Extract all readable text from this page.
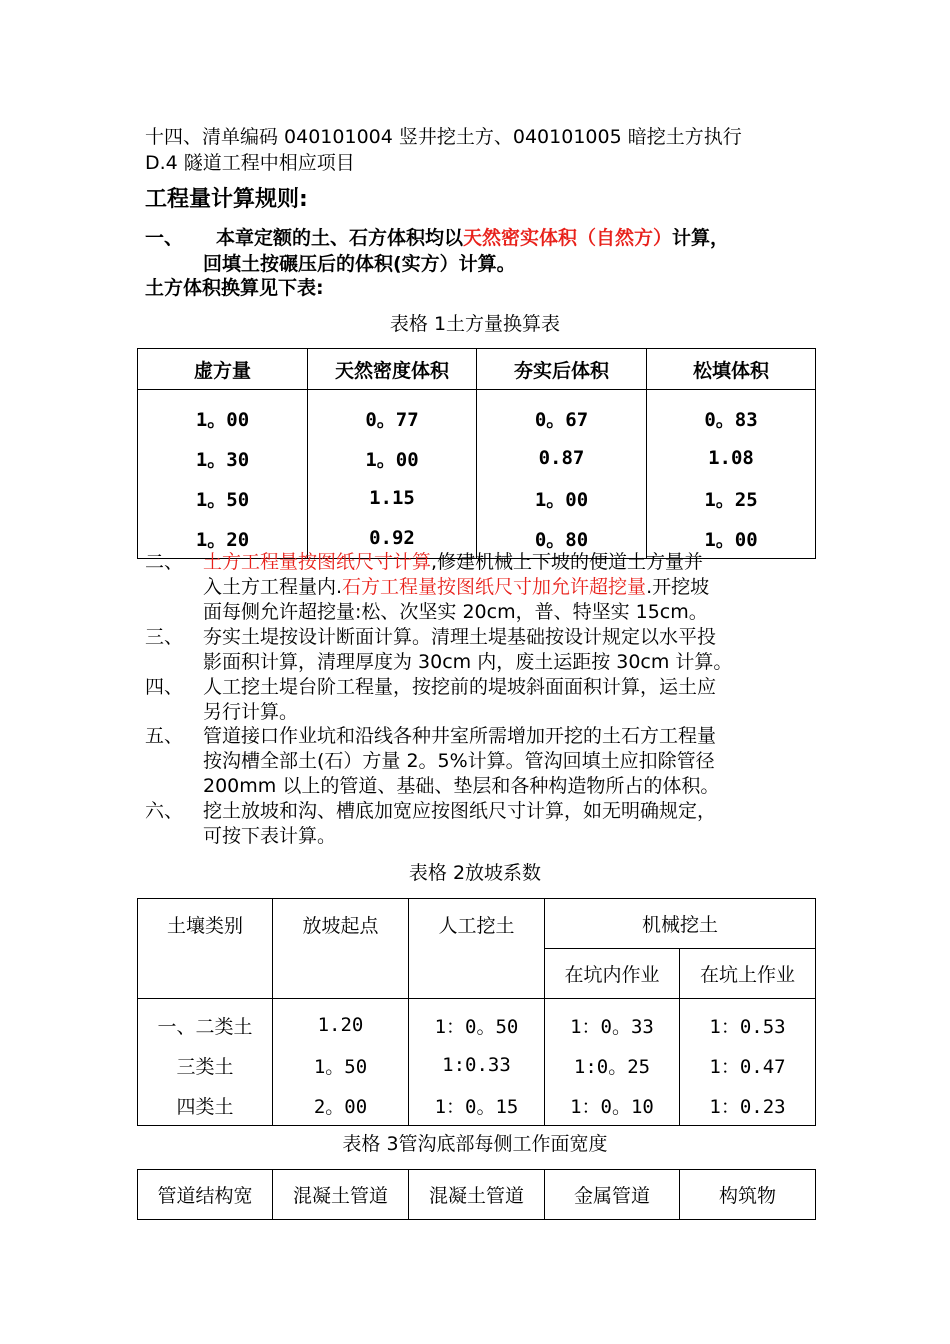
十四、清单编码 040101004 竖井挖土方、040101005 暗挖土方执行
D.4 隧道工程中相应项目

工程量计算规则:

一、 本章定额的土、石方体积均以天然密实体积（自然方）计算，

回填土按碾压后的体积(实方）计算。

土方体积换算见下表:

表格 1土方量换算表

虚方量	天然密度体积	夯实后体积	松填体积
1。00	0。77	0。67	0。83
1。30	1。00	0.87	1.08
1。50	1.15	1。00	1。25
1。20	0.92	0。80	1。00
二、 土方工程量按图纸尺寸计算,修建机械上下坡的便道土方量并
入土方工程量内.石方工程量按图纸尺寸加允许超挖量.开挖坡
面每侧允许超挖量:松、次坚实 20cm，普、特坚实 15cm。
三、 夯实土堤按设计断面计算。清理土堤基础按设计规定以水平投
影面积计算，清理厚度为 30cm 内，废土运距按 30cm 计算。
四、 人工挖土堤台阶工程量，按挖前的堤坡斜面面积计算，运土应
另行计算。
五、 管道接口作业坑和沿线各种井室所需增加开挖的土石方工程量
按沟槽全部土(石）方量 2。5%计算。管沟回填土应扣除管径
200mm 以上的管道、基础、垫层和各种构造物所占的体积。
六、 挖土放坡和沟、槽底加宽应按图纸尺寸计算，如无明确规定，
可按下表计算。

表格 2放坡系数

土壤类别	放坡起点	人工挖土	机械挖土	
			在坑内作业	在坑上作业
一、二类土	1.20	1：0。50	1：0。33	1：0.53
三类土	1。50	1:0.33	1:0。25	1：0.47
四类土	2。00	1：0。15	1：0。10	1：0.23

表格 3管沟底部每侧工作面宽度

管道结构宽	混凝土管道	混凝土管道	金属管道	构筑物
